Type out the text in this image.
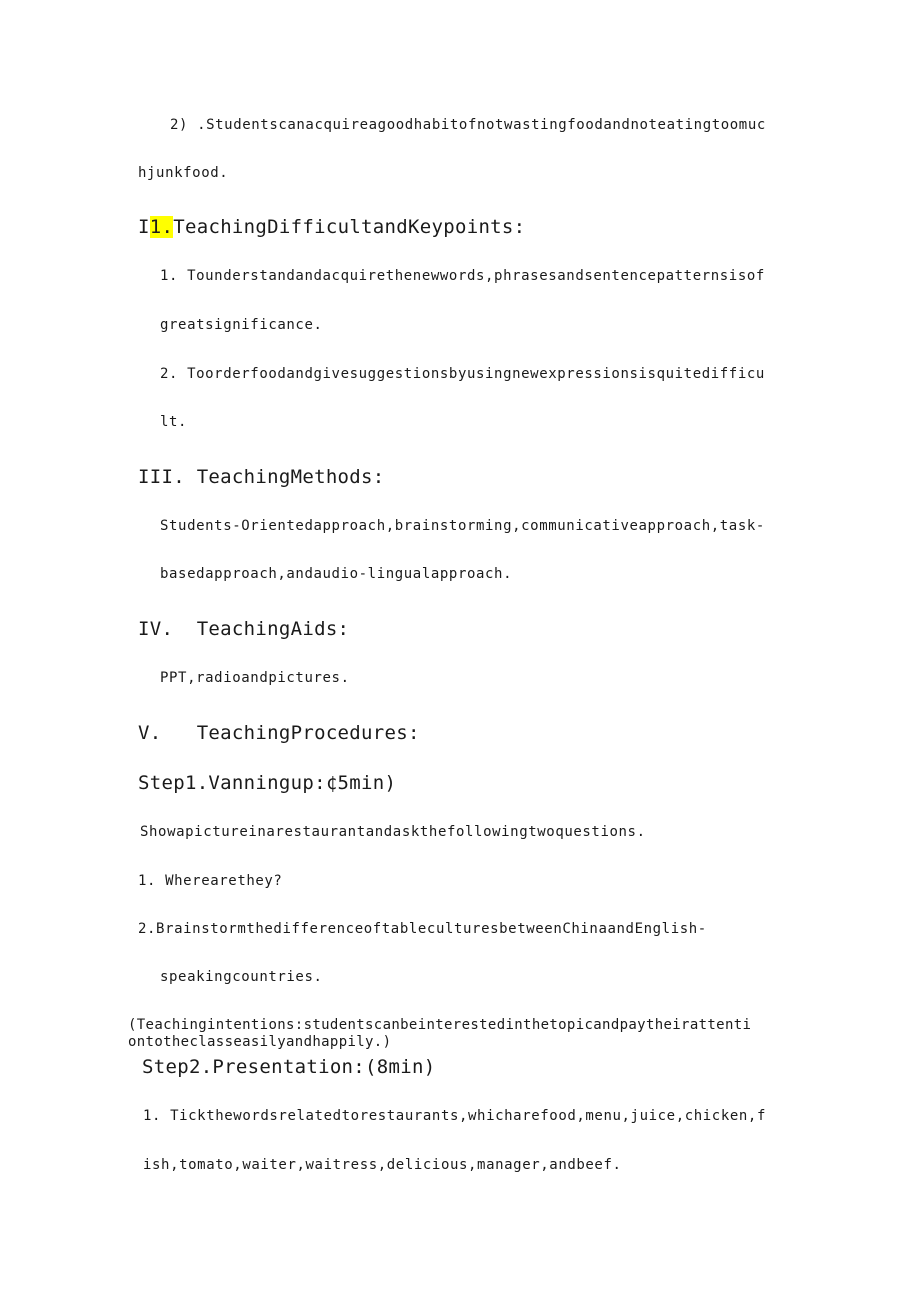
2) .Studentscanacquireagoodhabitofnotwastingfoodandnoteatingtoomuc
hjunkfood.
I1.TeachingDifficultandKeypoints:
1. Tounderstandandacquirethenewwords,phrasesandsentencepatternsisof
greatsignificance.
2. Toorderfoodandgivesuggestionsbyusingnewexpressionsisquitedifficu
lt.
III. TeachingMethods:
Students-Orientedapproach,brainstorming,communicativeapproach,task-
basedapproach,andaudio-lingualapproach.
IV.  TeachingAids:
PPT,radioandpictures.
V.   TeachingProcedures:
Step1.Vanningup:¢5min)
Showapictureinarestaurantandaskthefollowingtwoquestions.
1. Wherearethey?
2.BrainstormthedifferenceoftableculturesbetweenChinaandEnglish-
speakingcountries.
(Teachingintentions:studentscanbeinterestedinthetopicandpaytheirattenti
ontotheclasseasilyandhappily.)
Step2.Presentation:(8min)
1. Tickthewordsrelatedtorestaurants,whicharefood,menu,juice,chicken,f
ish,tomato,waiter,waitress,delicious,manager,andbeef.
